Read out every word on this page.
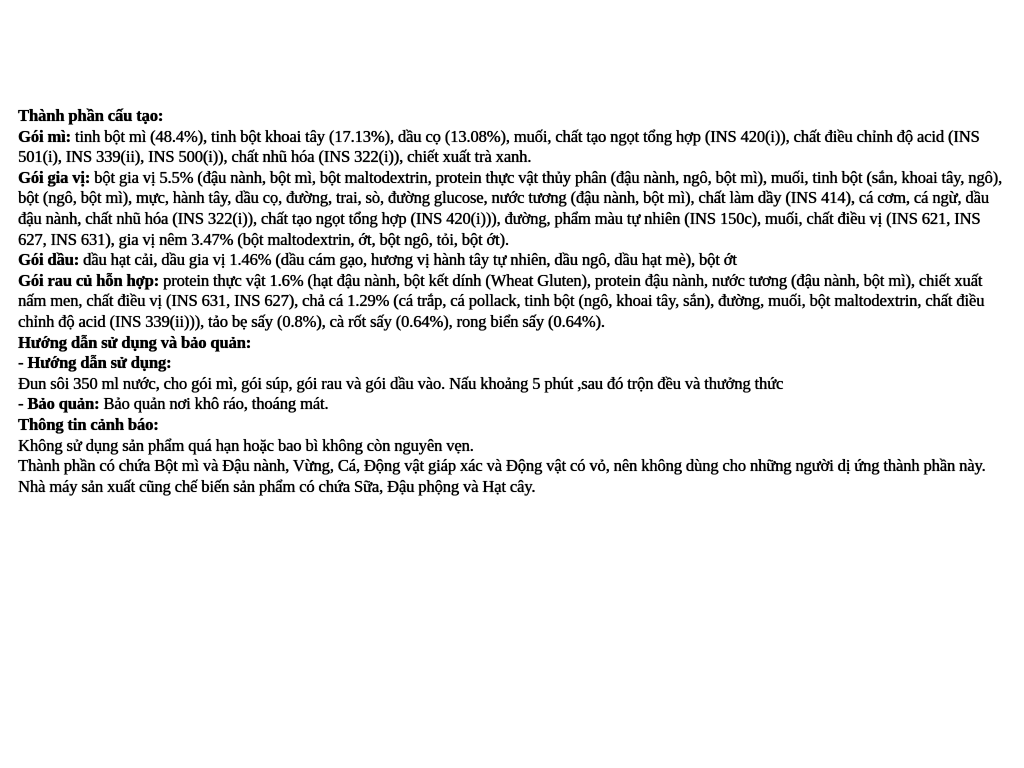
Thành phần cấu tạo:

Gói mì: tinh bột mì (48.4%), tinh bột khoai tây (17.13%), dầu cọ (13.08%), muối, chất tạo ngọt tổng hợp (INS 420(i)), chất điều chỉnh độ acid (INS 501(i), INS 339(ii), INS 500(i)), chất nhũ hóa (INS 322(i)), chiết xuất trà xanh.

Gói gia vị: bột gia vị 5.5% (đậu nành, bột mì, bột maltodextrin, protein thực vật thủy phân (đậu nành, ngô, bột mì), muối, tinh bột (sắn, khoai tây, ngô), bột (ngô, bột mì), mực, hành tây, dầu cọ, đường, trai, sò, đường glucose, nước tương (đậu nành, bột mì), chất làm dầy (INS 414), cá cơm, cá ngừ, dầu đậu nành, chất nhũ hóa (INS 322(i)), chất tạo ngọt tổng hợp (INS 420(i))), đường, phẩm màu tự nhiên (INS 150c), muối, chất điều vị (INS 621, INS 627, INS 631), gia vị nêm 3.47% (bột maltodextrin, ớt, bột ngô, tỏi, bột ớt).

Gói dầu: dầu hạt cải, dầu gia vị 1.46% (dầu cám gạo, hương vị hành tây tự nhiên, dầu ngô, dầu hạt mè), bột ớt

Gói rau củ hỗn hợp: protein thực vật 1.6% (hạt đậu nành, bột kết dính (Wheat Gluten), protein đậu nành, nước tương (đậu nành, bột mì), chiết xuất nấm men, chất điều vị (INS 631, INS 627), chả cá 1.29% (cá trắp, cá pollack, tinh bột (ngô, khoai tây, sắn), đường, muối, bột maltodextrin, chất điều chỉnh độ acid (INS 339(ii))), tảo bẹ sấy (0.8%), cà rốt sấy (0.64%), rong biển sấy (0.64%).

Hướng dẫn sử dụng và bảo quản:

- Hướng dẫn sử dụng:

Đun sôi 350 ml nước, cho gói mì, gói súp, gói rau và gói dầu vào. Nấu khoảng 5 phút ,sau đó trộn đều và thưởng thức

- Bảo quản: Bảo quản nơi khô ráo, thoáng mát.

Thông tin cảnh báo:

Không sử dụng sản phẩm quá hạn hoặc bao bì không còn nguyên vẹn.

Thành phần có chứa Bột mì và Đậu nành, Vừng, Cá, Động vật giáp xác và Động vật có vỏ, nên không dùng cho những người dị ứng thành phần này.

Nhà máy sản xuất cũng chế biến sản phẩm có chứa Sữa, Đậu phộng và Hạt cây.
